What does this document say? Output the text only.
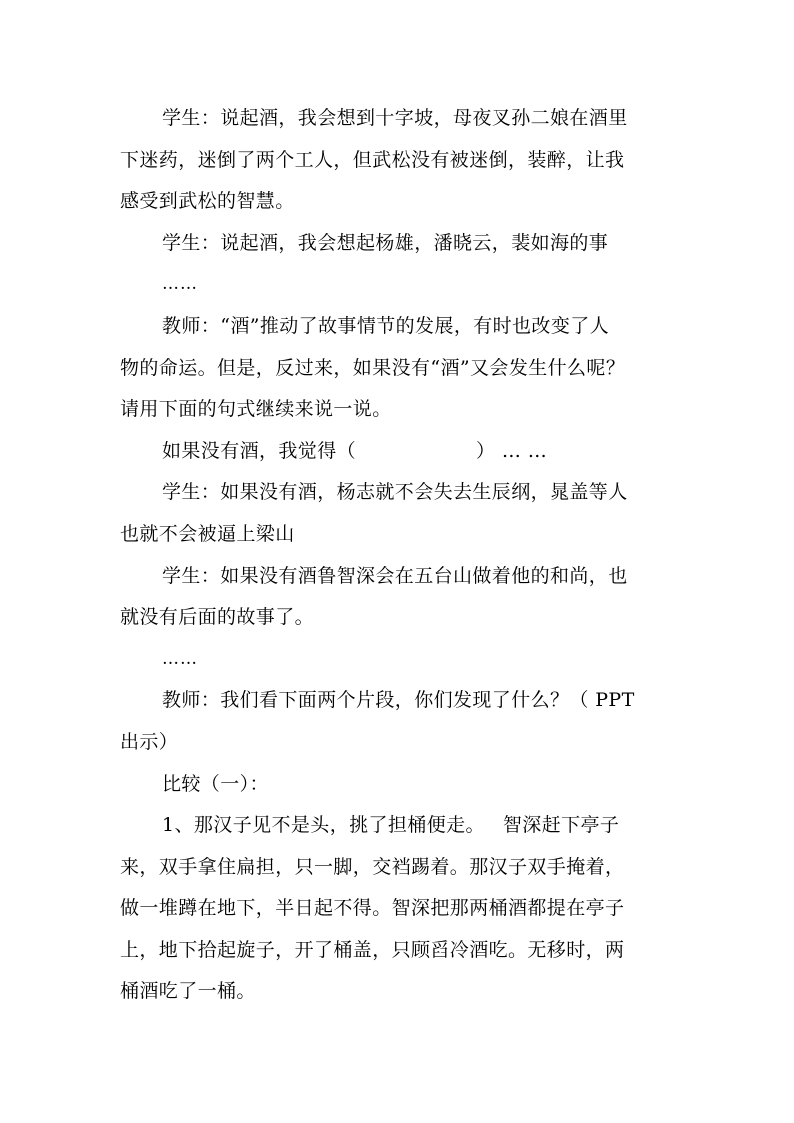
学生：说起酒，我会想到十字坡，母夜叉孙二娘在酒里
下迷药，迷倒了两个工人，但武松没有被迷倒，装醉，让我
感受到武松的智慧。
学生：说起酒，我会想起杨雄，潘晓云，裴如海的事
……
教师：“酒”推动了故事情节的发展，有时也改变了人
物的命运。但是，反过来，如果没有“酒”又会发生什么呢？
请用下面的句式继续来说一说。
如果没有酒，我觉得（	） … …
学生：如果没有酒，杨志就不会失去生辰纲，晁盖等人
也就不会被逼上梁山
学生：如果没有酒鲁智深会在五台山做着他的和尚，也
就没有后面的故事了。
……
教师：我们看下面两个片段，你们发现了什么？（ PPT
出示）
比较（一）：
1、那汉子见不是头，挑了担桶便走。 智深赶下亭子
来，双手拿住扁担，只一脚，交裆踢着。那汉子双手掩着，
做一堆蹲在地下，半日起不得。智深把那两桶酒都提在亭子
上，地下拾起旋子，开了桶盖，只顾舀冷酒吃。无移时，两
桶酒吃了一桶。
